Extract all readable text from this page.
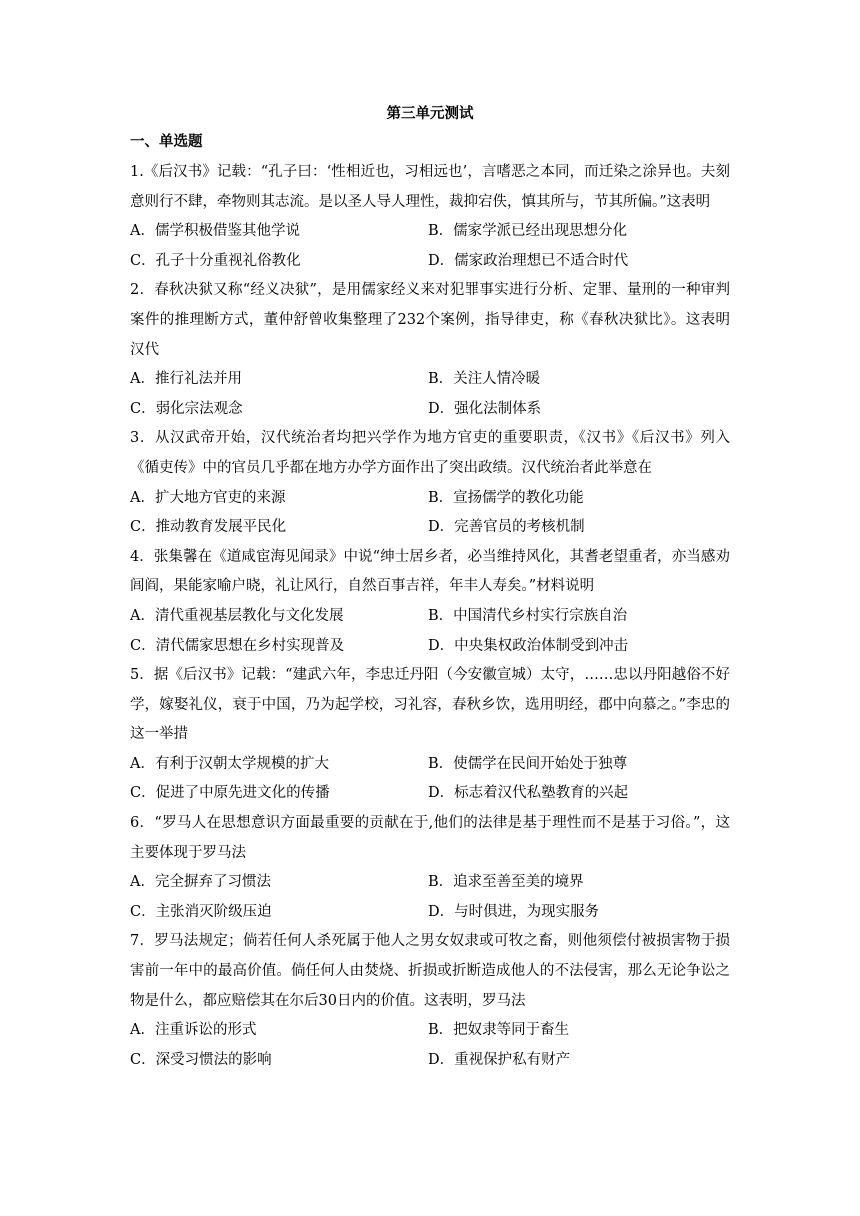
第三单元测试
一、单选题
1.《后汉书》记载：“孔子曰：‘性相近也，习相远也’，言嗜恶之本同，而迁染之涂异也。夫刻意则行不肆，牵物则其志流。是以圣人导人理性，裁抑宕佚，慎其所与，节其所偏。”这表明
A．儒学积极借鉴其他学说	B．儒家学派已经出现思想分化
C．孔子十分重视礼俗教化	D．儒家政治理想已不适合时代
2．春秋决狱又称“经义决狱”，是用儒家经义来对犯罪事实进行分析、定罪、量刑的一种审判案件的推理断方式，董仲舒曾收集整理了232个案例，指导律吏，称《春秋决狱比》。这表明汉代
A．推行礼法并用	B．关注人情冷暖
C．弱化宗法观念	D．强化法制体系
3．从汉武帝开始，汉代统治者均把兴学作为地方官吏的重要职责，《汉书》《后汉书》列入《循吏传》中的官员几乎都在地方办学方面作出了突出政绩。汉代统治者此举意在
A．扩大地方官吏的来源	B．宣扬儒学的教化功能
C．推动教育发展平民化	D．完善官员的考核机制
4．张集馨在《道咸宦海见闻录》中说“绅士居乡者，必当维持风化，其耆老望重者，亦当感劝闾阎，果能家喻户晓，礼让风行，自然百事吉祥，年丰人寿矣。”材料说明
A．清代重视基层教化与文化发展	B．中国清代乡村实行宗族自治
C．清代儒家思想在乡村实现普及	D．中央集权政治体制受到冲击
5．据《后汉书》记载：“建武六年，李忠迁丹阳（今安徽宣城）太守，……忠以丹阳越俗不好学，嫁娶礼仪，衰于中国，乃为起学校，习礼容，春秋乡饮，选用明经，郡中向慕之。”李忠的这一举措
A．有利于汉朝太学规模的扩大	B．使儒学在民间开始处于独尊
C．促进了中原先进文化的传播	D．标志着汉代私塾教育的兴起
6．“罗马人在思想意识方面最重要的贡献在于,他们的法律是基于理性而不是基于习俗。”，这主要体现于罗马法
A．完全摒弃了习惯法	B．追求至善至美的境界
C．主张消灭阶级压迫	D．与时俱进，为现实服务
7．罗马法规定；倘若任何人杀死属于他人之男女奴隶或可牧之畜，则他须偿付被损害物于损害前一年中的最高价值。倘任何人由焚烧、折损或折断造成他人的不法侵害，那么无论争讼之物是什么，都应赔偿其在尔后30日内的价值。这表明，罗马法
A．注重诉讼的形式	B．把奴隶等同于畜生
C．深受习惯法的影响	D．重视保护私有财产
